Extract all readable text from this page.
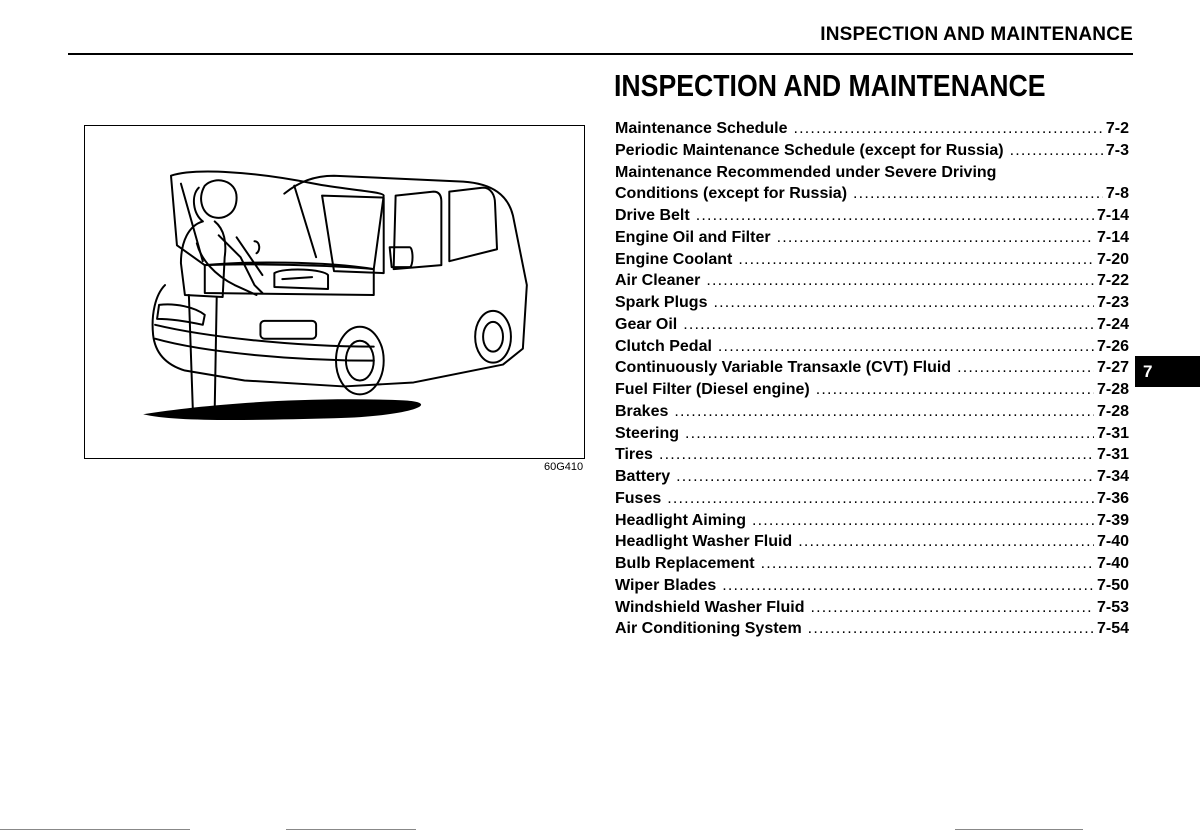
INSPECTION AND MAINTENANCE
INSPECTION AND MAINTENANCE
60G410
Maintenance Schedule .....	7-2
Periodic Maintenance Schedule (except for Russia) .....	7-3
Maintenance Recommended under Severe Driving
Conditions (except for Russia) .....	7-8
Drive Belt .....	7-14
Engine Oil and Filter .....	7-14
Engine Coolant .....	7-20
Air Cleaner .....	7-22
Spark Plugs .....	7-23
Gear Oil .....	7-24
Clutch Pedal .....	7-26
Continuously Variable Transaxle (CVT) Fluid .....	7-27
Fuel Filter (Diesel engine) .....	7-28
Brakes .....	7-28
Steering .....	7-31
Tires .....	7-31
Battery .....	7-34
Fuses .....	7-36
Headlight Aiming .....	7-39
Headlight Washer Fluid .....	7-40
Bulb Replacement .....	7-40
Wiper Blades .....	7-50
Windshield Washer Fluid .....	7-53
Air Conditioning System .....	7-54
7
